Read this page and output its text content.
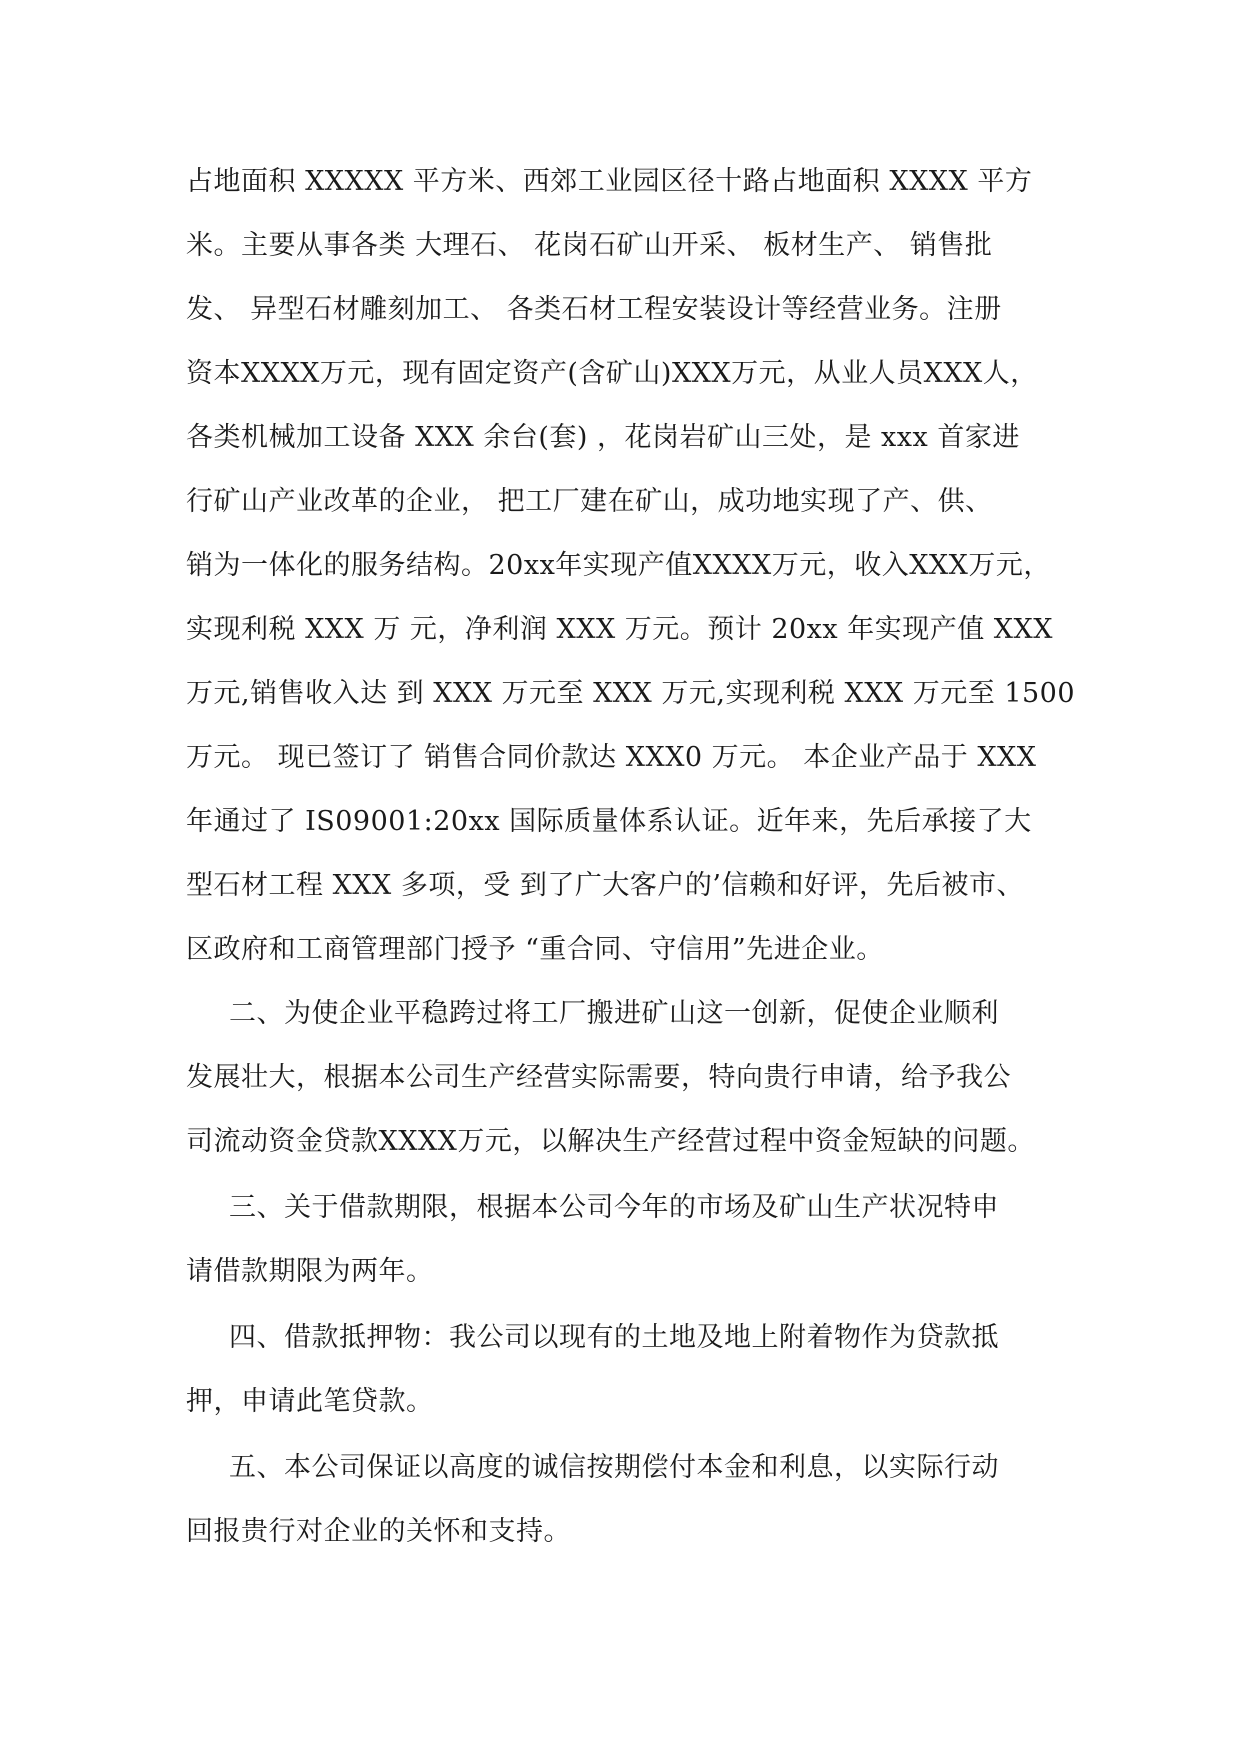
占地面积 XXXXX 平方米、西郊工业园区径十路占地面积 XXXX 平方
米。主要从事各类 大理石、 花岗石矿山开采、 板材生产、 销售批
发、 异型石材雕刻加工、 各类石材工程安装设计等经营业务。注册
资本XXXX万元，现有固定资产(含矿山)XXX万元，从业人员XXX人，
各类机械加工设备 XXX 余台(套) ，花岗岩矿山三处，是 xxx 首家进
行矿山产业改革的企业， 把工厂建在矿山，成功地实现了产、供、
销为一体化的服务结构。20xx年实现产值XXXX万元，收入XXX万元，
实现利税 XXX 万 元，净利润 XXX 万元。预计 20xx 年实现产值 XXX
万元,销售收入达 到 XXX 万元至 XXX 万元,实现利税 XXX 万元至 1500
万元。 现已签订了 销售合同价款达 XXX0 万元。 本企业产品于 XXX
年通过了 IS09001:20xx 国际质量体系认证。近年来，先后承接了大
型石材工程 XXX 多项，受 到了广大客户的’信赖和好评，先后被市、
区政府和工商管理部门授予 “重合同、守信用”先进企业。
二、为使企业平稳跨过将工厂搬进矿山这一创新，促使企业顺利
发展壮大，根据本公司生产经营实际需要，特向贵行申请，给予我公
司流动资金贷款XXXX万元，以解决生产经营过程中资金短缺的问题。
三、关于借款期限，根据本公司今年的市场及矿山生产状况特申
请借款期限为两年。
四、借款抵押物：我公司以现有的土地及地上附着物作为贷款抵
押，申请此笔贷款。
五、本公司保证以高度的诚信按期偿付本金和利息，以实际行动
回报贵行对企业的关怀和支持。
